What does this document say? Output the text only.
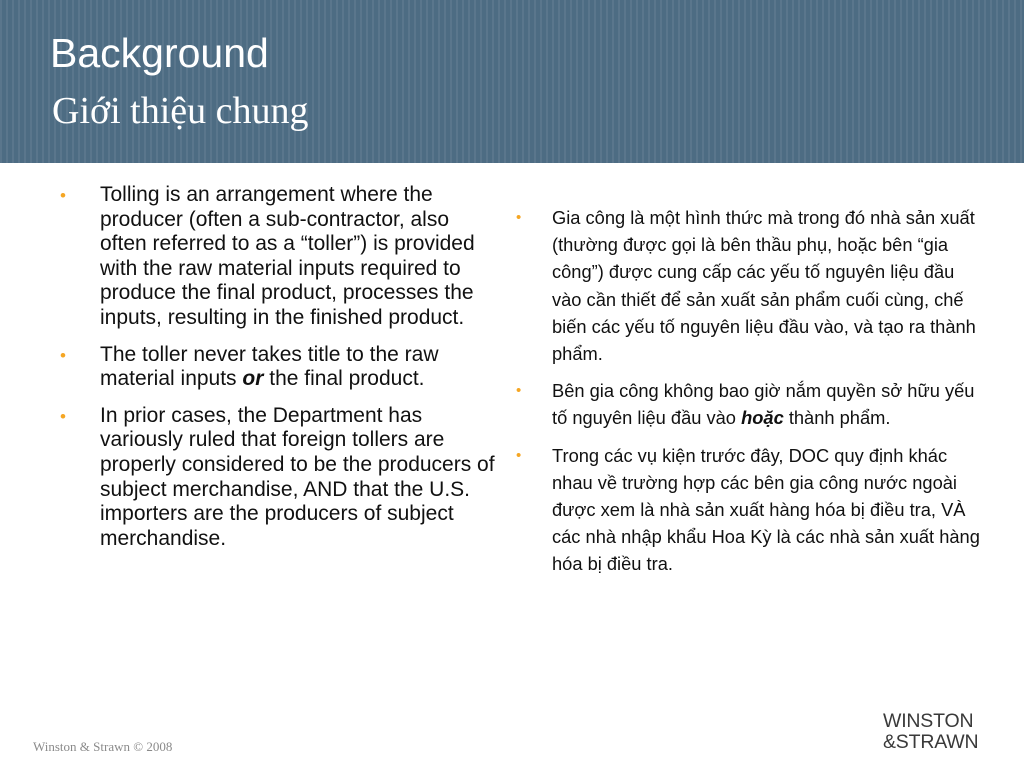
Background
Giới thiệu chung
• Tolling is an arrangement where the producer (often a sub-contractor, also often referred to as a “toller”) is provided with the raw material inputs required to produce the final product, processes the inputs, resulting in the finished product.
• The toller never takes title to the raw material inputs or the final product.
• In prior cases, the Department has variously ruled that foreign tollers are properly considered to be the producers of subject merchandise, AND that the U.S. importers are the producers of subject merchandise.
• Gia công là một hình thức mà trong đó nhà sản xuất (thường được gọi là bên thầu phụ, hoặc bên “gia công”) được cung cấp các yếu tố nguyên liệu đầu vào cần thiết để sản xuất sản phẩm cuối cùng, chế biến các yếu tố nguyên liệu đầu vào, và tạo ra thành phẩm.
• Bên gia công không bao giờ nắm quyền sở hữu yếu tố nguyên liệu đầu vào hoặc thành phẩm.
• Trong các vụ kiện trước đây, DOC quy định khác nhau về trường hợp các bên gia công nước ngoài được xem là nhà sản xuất hàng hóa bị điều tra, VÀ các nhà nhập khẩu Hoa Kỳ là các nhà sản xuất hàng hóa bị điều tra.
Winston & Strawn © 2008
WINSTON
&STRAWN
